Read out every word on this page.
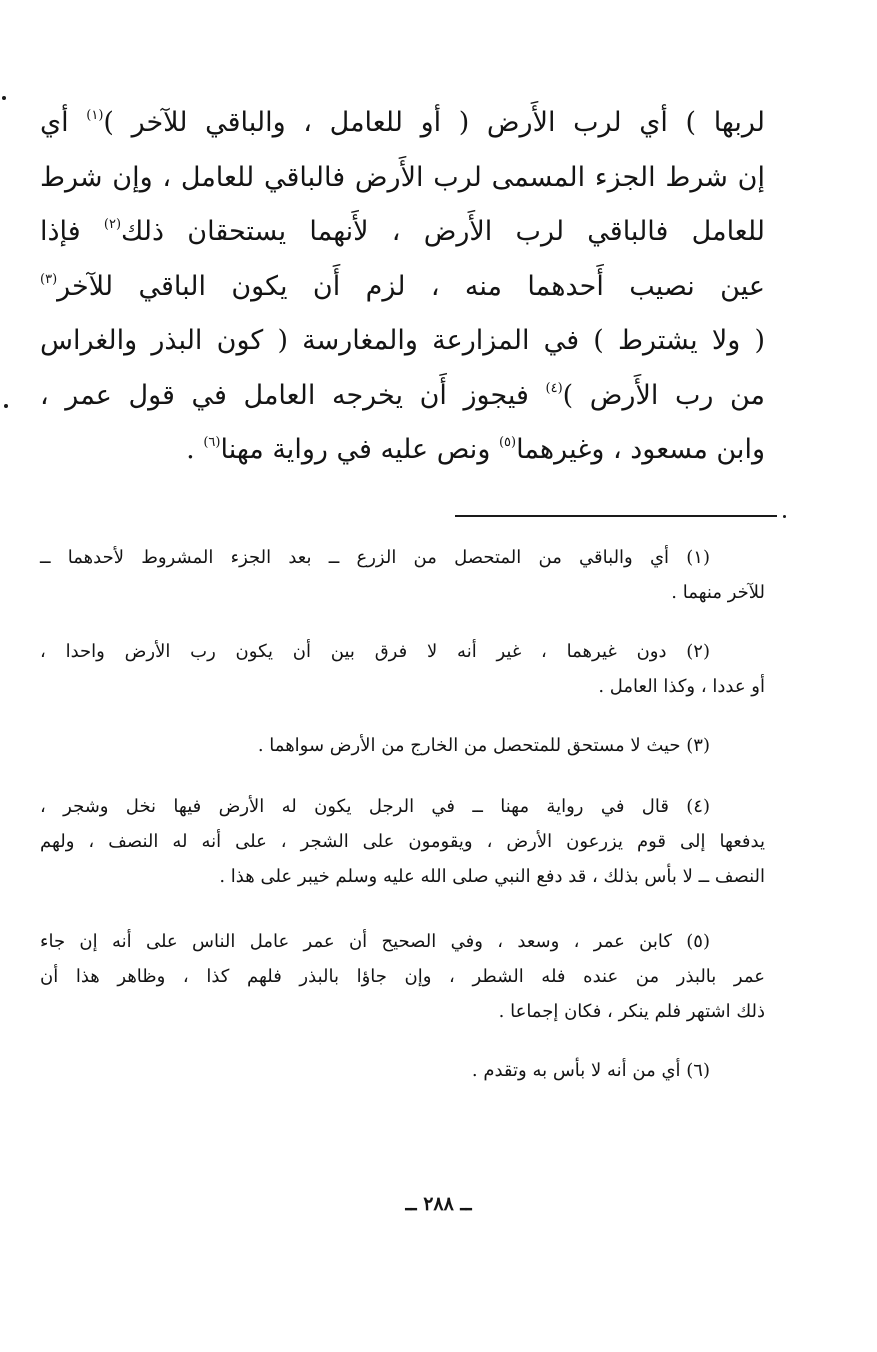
لربها ) أي لرب الأَرض ( أو للعامل ، والباقي للآخر )$^{(١)}$ أي
إن شرط الجزء المسمى لرب الأَرض فالباقي للعامل ، وإن شرط
للعامل فالباقي لرب الأَرض ، لأَنهما يستحقان ذلك$^{(٢)}$ فإذا
عين نصيب أَحدهما منه ، لزم أَن يكون الباقي للآخر$^{(٣)}$
( ولا يشترط ) في المزارعة والمغارسة ( كون البذر والغراس
من رب الأَرض )$^{(٤)}$ فيجوز أَن يخرجه العامل في قول عمر ،
وابن مسعود ، وغيرهما$^{(٥)}$ ونص عليه في رواية مهنا$^{(٦)}$ .

(١) أي والباقي من المتحصل من الزرع ــ بعد الجزء المشروط لأحدهما ــ
للآخر منهما .

(٢) دون غيرهما ، غير أنه لا فرق بين أن يكون رب الأرض واحدا ،
أو عددا ، وكذا العامل .

(٣) حيث لا مستحق للمتحصل من الخارج من الأرض سواهما .

(٤) قال في رواية مهنا ــ في الرجل يكون له الأرض فيها نخل وشجر ،
يدفعها إلى قوم يزرعون الأرض ، ويقومون على الشجر ، على أنه له النصف ، ولهم
النصف ــ لا بأس بذلك ، قد دفع النبي صلى الله عليه وسلم خيبر على هذا .

(٥) كابن عمر ، وسعد ، وفي الصحيح أن عمر عامل الناس على أنه إن جاء
عمر بالبذر من عنده فله الشطر ، وإن جاؤا بالبذر فلهم كذا ، وظاهر هذا أن
ذلك اشتهر فلم ينكر ، فكان إجماعا .

(٦) أي من أنه لا بأس به وتقدم .

ــ ٢٨٨ ــ
